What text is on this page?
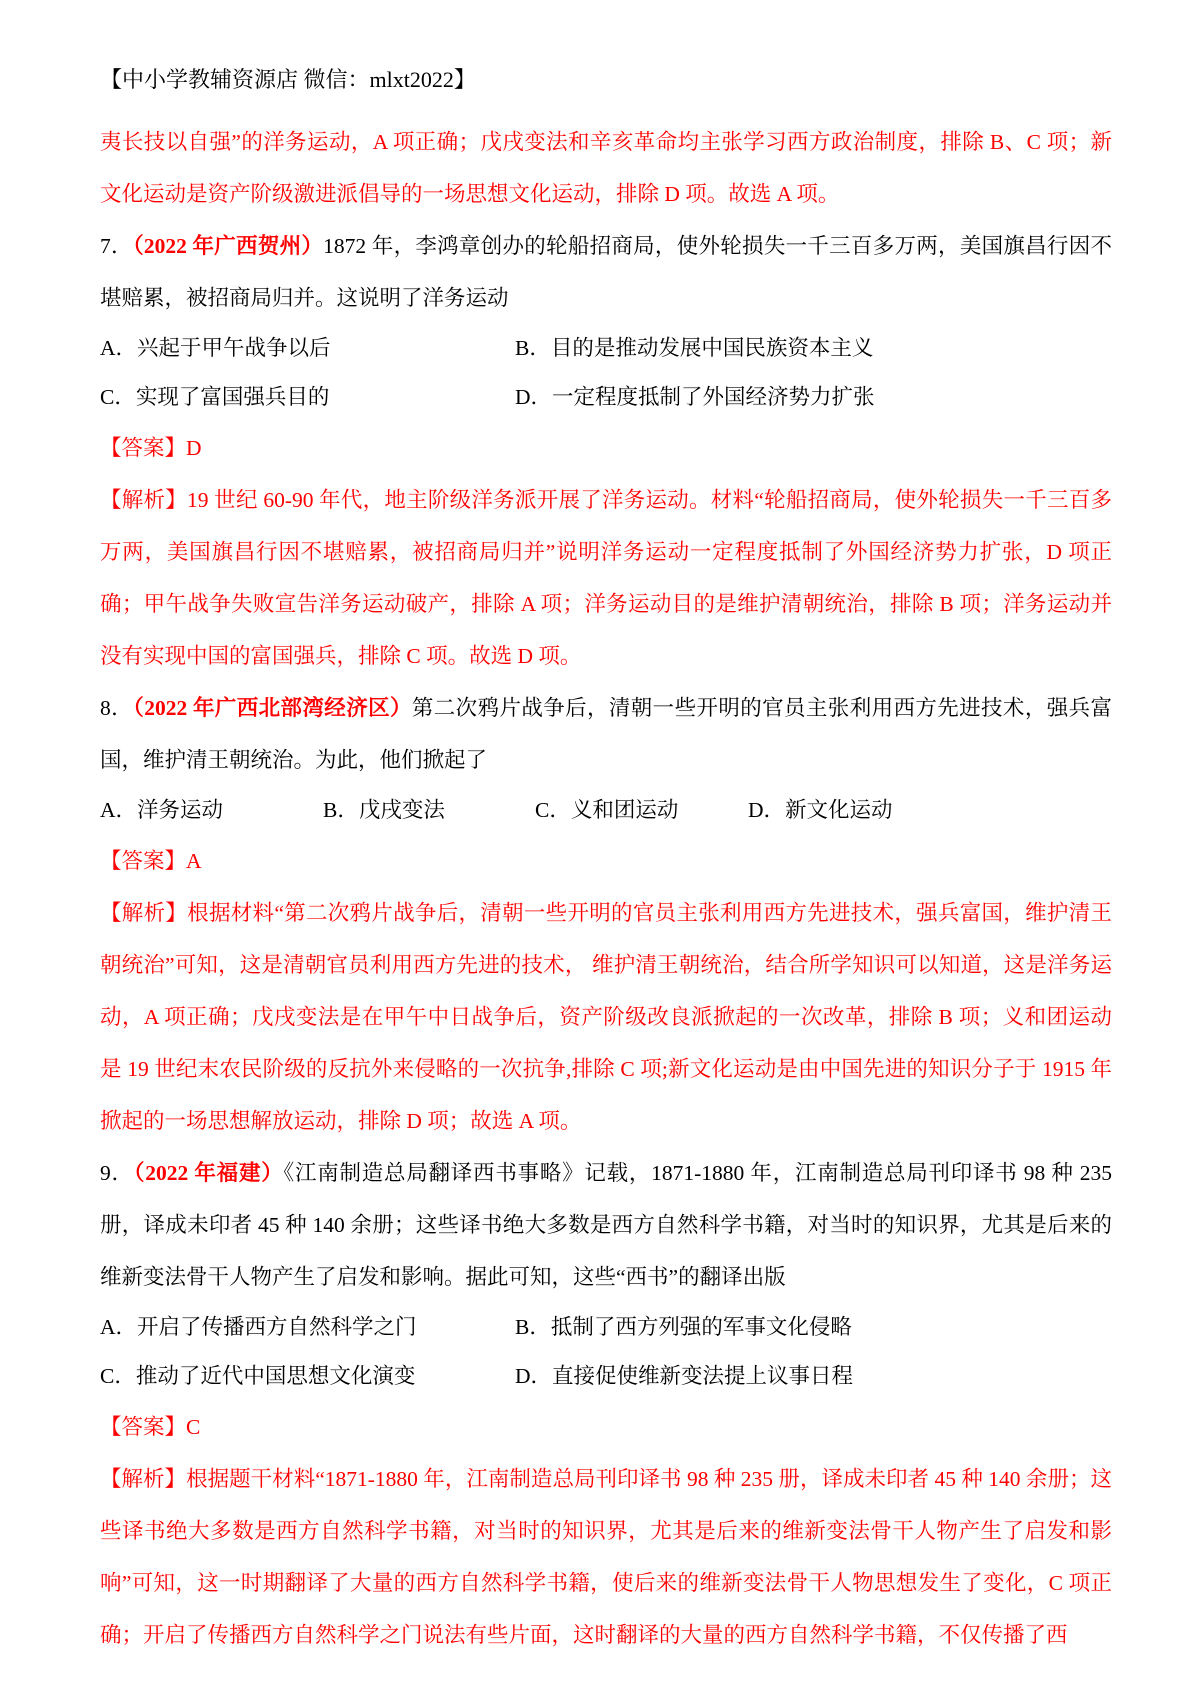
【中小学教辅资源店 微信：mlxt2022】

夷长技以自强”的洋务运动，A 项正确；戊戌变法和辛亥革命均主张学习西方政治制度，排除 B、C 项；新文化运动是资产阶级激进派倡导的一场思想文化运动，排除 D 项。故选 A 项。

7．（2022 年广西贺州）1872 年，李鸿章创办的轮船招商局，使外轮损失一千三百多万两，美国旗昌行因不堪赔累，被招商局归并。这说明了洋务运动

A．兴起于甲午战争以后	B．目的是推动发展中国民族资本主义
C．实现了富国强兵目的	D．一定程度抵制了外国经济势力扩张

【答案】D

【解析】19 世纪 60-90 年代，地主阶级洋务派开展了洋务运动。材料“轮船招商局，使外轮损失一千三百多万两，美国旗昌行因不堪赔累，被招商局归并”说明洋务运动一定程度抵制了外国经济势力扩张，D 项正确；甲午战争失败宣告洋务运动破产，排除 A 项；洋务运动目的是维护清朝统治，排除 B 项；洋务运动并没有实现中国的富国强兵，排除 C 项。故选 D 项。

8．（2022 年广西北部湾经济区）第二次鸦片战争后，清朝一些开明的官员主张利用西方先进技术，强兵富国，维护清王朝统治。为此，他们掀起了

A．洋务运动	B．戊戌变法	C．义和团运动	D．新文化运动

【答案】A

【解析】根据材料“第二次鸦片战争后，清朝一些开明的官员主张利用西方先进技术，强兵富国，维护清王朝统治”可知，这是清朝官员利用西方先进的技术， 维护清王朝统治，结合所学知识可以知道，这是洋务运动，A 项正确；戊戌变法是在甲午中日战争后，资产阶级改良派掀起的一次改革，排除 B 项；义和团运动是 19 世纪末农民阶级的反抗外来侵略的一次抗争,排除 C 项;新文化运动是由中国先进的知识分子于 1915 年掀起的一场思想解放运动，排除 D 项；故选 A 项。

9．（2022 年福建）《江南制造总局翻译西书事略》记载，1871-1880 年，江南制造总局刊印译书 98 种 235 册，译成未印者 45 种 140 余册；这些译书绝大多数是西方自然科学书籍，对当时的知识界，尤其是后来的维新变法骨干人物产生了启发和影响。据此可知，这些“西书”的翻译出版

A．开启了传播西方自然科学之门	B．抵制了西方列强的军事文化侵略
C．推动了近代中国思想文化演变	D．直接促使维新变法提上议事日程

【答案】C

【解析】根据题干材料“1871-1880 年，江南制造总局刊印译书 98 种 235 册，译成未印者 45 种 140 余册；这些译书绝大多数是西方自然科学书籍，对当时的知识界，尤其是后来的维新变法骨干人物产生了启发和影响”可知，这一时期翻译了大量的西方自然科学书籍，使后来的维新变法骨干人物思想发生了变化，C 项正确；开启了传播西方自然科学之门说法有些片面，这时翻译的大量的西方自然科学书籍，不仅传播了西
